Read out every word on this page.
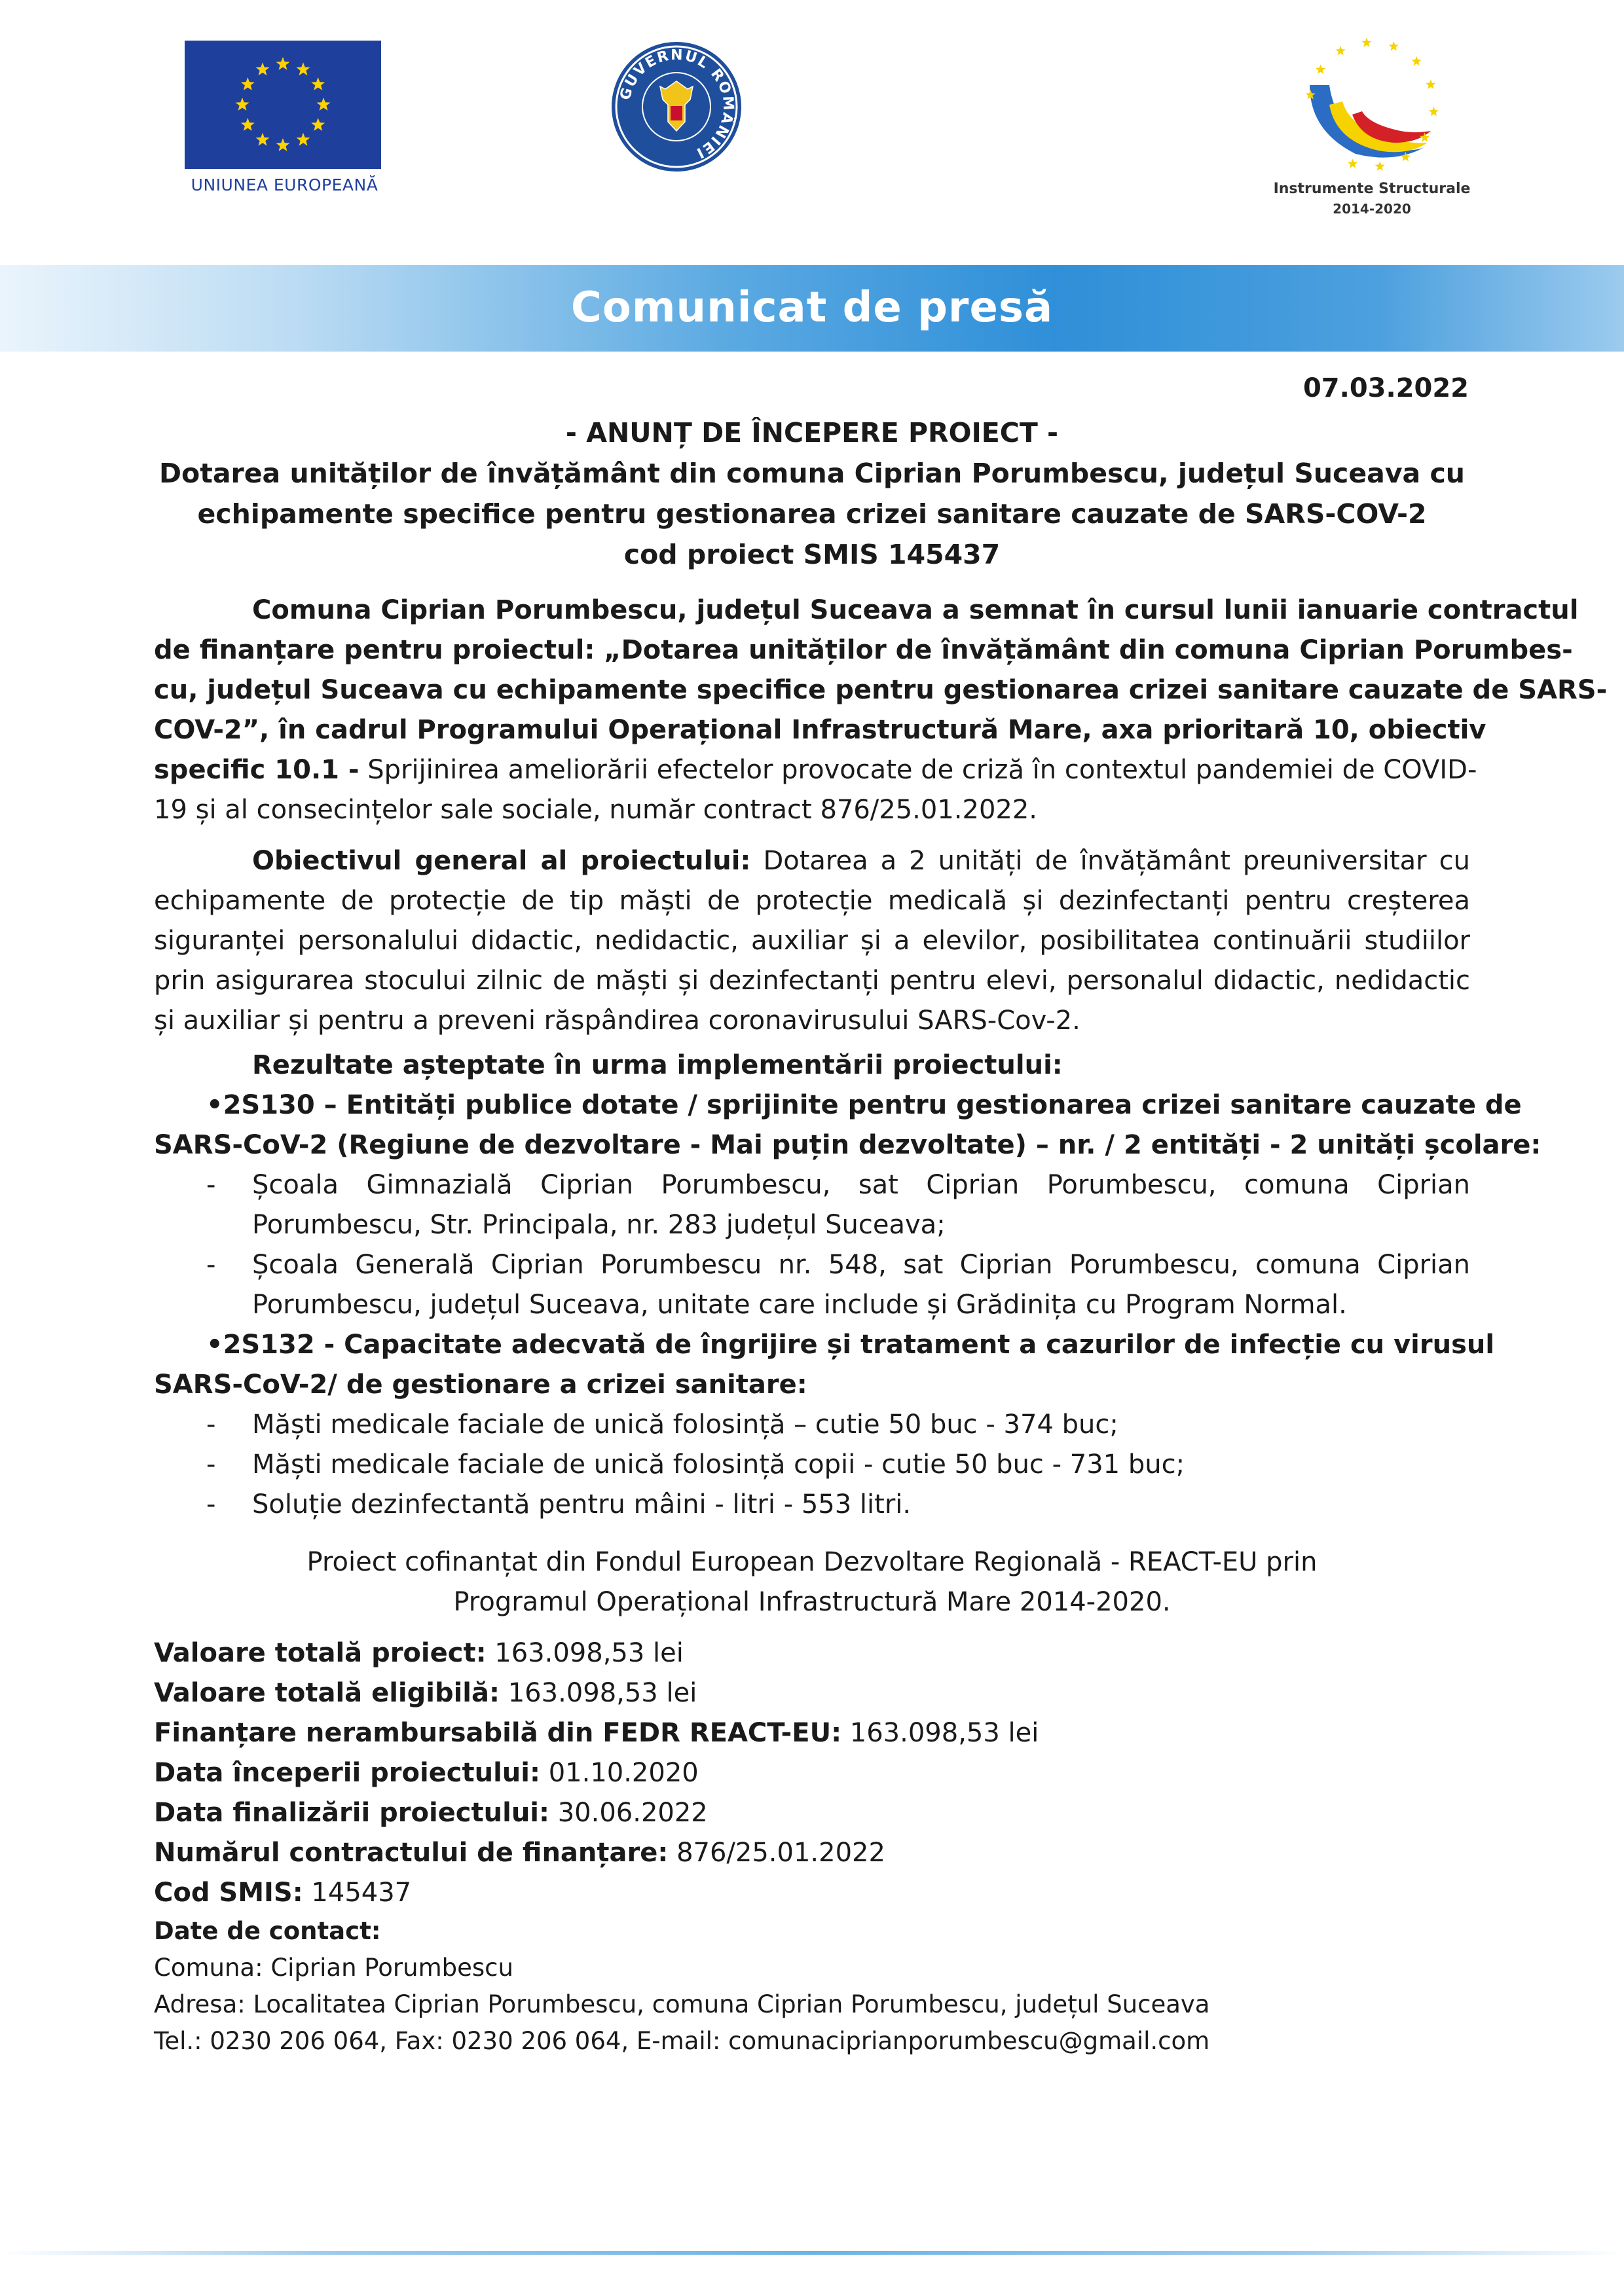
UNIUNEA EUROPEANĂ
GUVERNUL ROMÂNIEI
Instrumente Structurale
2014-2020
Comunicat de presă
07.03.2022
- ANUNȚ DE ÎNCEPERE PROIECT -
Dotarea unităților de învățământ din comuna Ciprian Porumbescu, județul Suceava cu
echipamente specifice pentru gestionarea crizei sanitare cauzate de SARS-COV-2
cod proiect SMIS 145437
Comuna Ciprian Porumbescu, județul Suceava a semnat în cursul lunii ianuarie contractul
de finanțare pentru proiectul: „Dotarea unităților de învățământ din comuna Ciprian Porumbes-
cu, județul Suceava cu echipamente specifice pentru gestionarea crizei sanitare cauzate de SARS-
COV-2”, în cadrul Programului Operațional Infrastructură Mare, axa prioritară 10, obiectiv
specific 10.1 - Sprijinirea ameliorării efectelor provocate de criză în contextul pandemiei de COVID-
19 și al consecințelor sale sociale, număr contract 876/25.01.2022.
Obiectivul general al proiectului: Dotarea a 2 unități de învățământ preuniversitar cu
echipamente de protecție de tip măști de protecție medicală și dezinfectanți pentru creșterea
siguranței personalului didactic, nedidactic, auxiliar și a elevilor, posibilitatea continuării studiilor
prin asigurarea stocului zilnic de măști și dezinfectanți pentru elevi, personalul didactic, nedidactic
și auxiliar și pentru a preveni răspândirea coronavirusului SARS-Cov-2.
Rezultate așteptate în urma implementării proiectului:
• 2S130 – Entități publice dotate / sprijinite pentru gestionarea crizei sanitare cauzate de
SARS-CoV-2 (Regiune de dezvoltare - Mai puțin dezvoltate) – nr. / 2 entități - 2 unități școlare:
-	Școala Gimnazială Ciprian Porumbescu, sat Ciprian Porumbescu, comuna Ciprian
Porumbescu, Str. Principala, nr. 283 județul Suceava;
-	Școala Generală Ciprian Porumbescu nr. 548, sat Ciprian Porumbescu, comuna Ciprian
Porumbescu, județul Suceava, unitate care include și Grădinița cu Program Normal.
• 2S132 - Capacitate adecvată de îngrijire și tratament a cazurilor de infecție cu virusul
SARS-CoV-2/ de gestionare a crizei sanitare:
-	Măști medicale faciale de unică folosință – cutie 50 buc - 374 buc;
-	Măști medicale faciale de unică folosință copii - cutie 50 buc - 731 buc;
-	Soluție dezinfectantă pentru mâini - litri - 553 litri.
Proiect cofinanțat din Fondul European Dezvoltare Regională - REACT-EU prin
Programul Operațional Infrastructură Mare 2014-2020.
Valoare totală proiect: 163.098,53 lei
Valoare totală eligibilă: 163.098,53 lei
Finanțare nerambursabilă din FEDR REACT-EU: 163.098,53 lei
Data începerii proiectului: 01.10.2020
Data finalizării proiectului: 30.06.2022
Numărul contractului de finanțare: 876/25.01.2022
Cod SMIS: 145437
Date de contact:
Comuna: Ciprian Porumbescu
Adresa: Localitatea Ciprian Porumbescu, comuna Ciprian Porumbescu, județul Suceava
Tel.: 0230 206 064, Fax: 0230 206 064, E-mail: comunaciprianporumbescu@gmail.com
